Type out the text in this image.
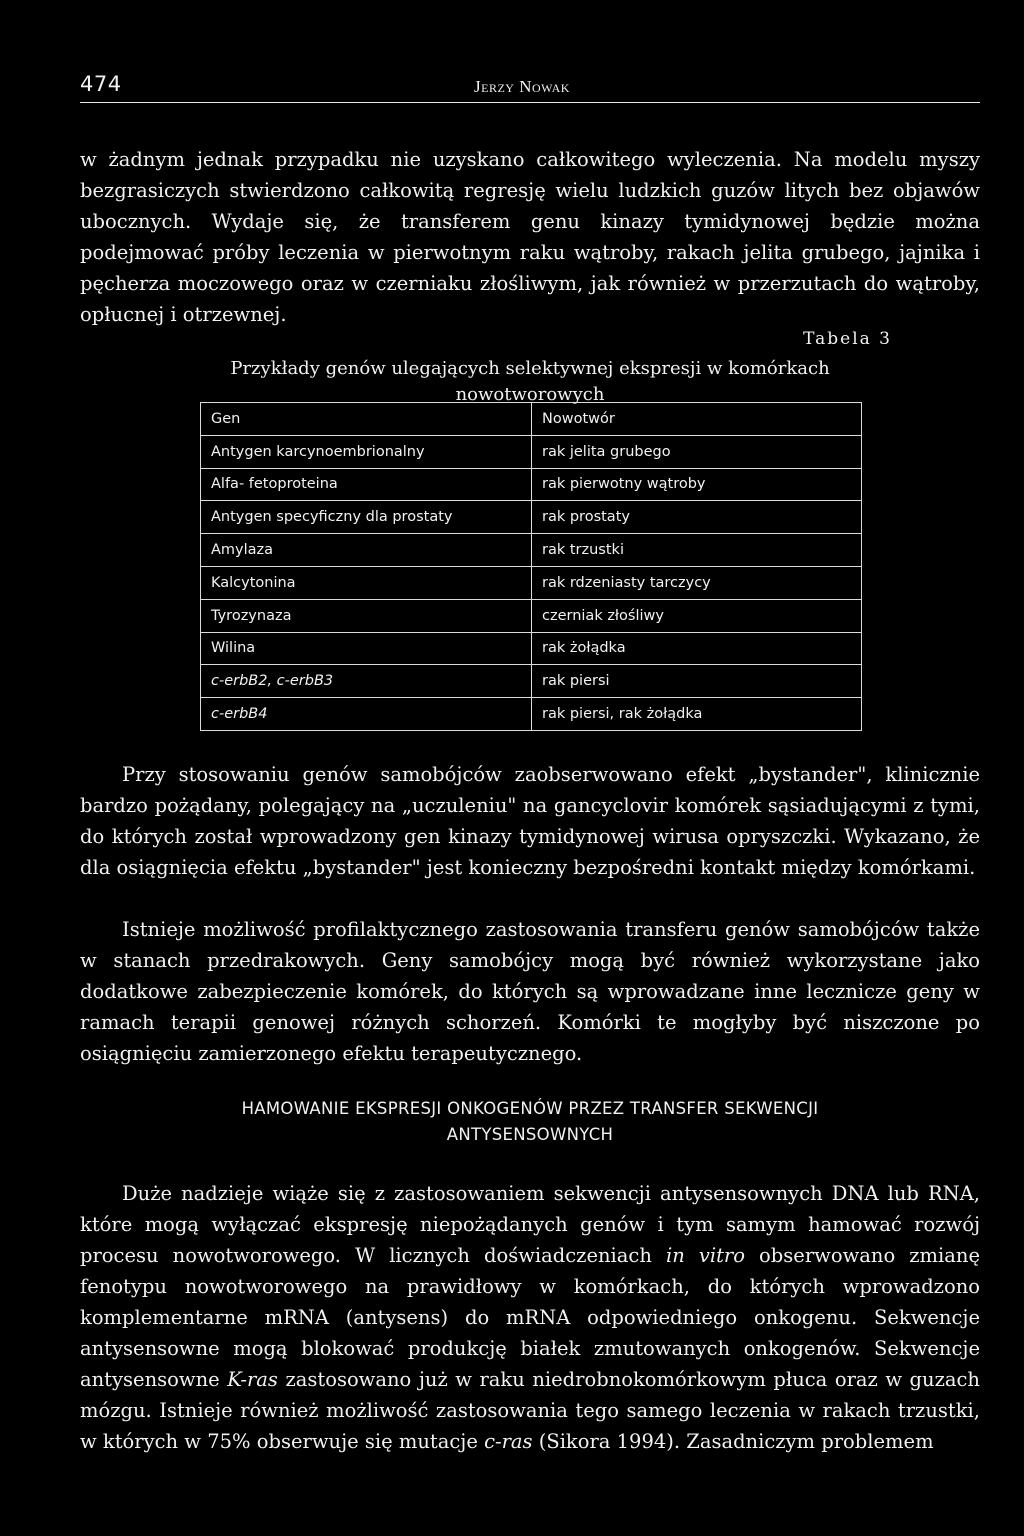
474	Jerzy Nowak

w żadnym jednak przypadku nie uzyskano całkowitego wyleczenia. Na modelu myszy bezgrasiczych stwierdzono całkowitą regresję wielu ludzkich guzów litych bez objawów ubocznych. Wydaje się, że transferem genu kinazy tymidynowej będzie można podejmować próby leczenia w pierwotnym raku wątroby, rakach jelita grubego, jajnika i pęcherza moczowego oraz w czerniaku złośliwym, jak również w przerzutach do wątroby, opłucnej i otrzewnej.

Tabela 3
Przykłady genów ulegających selektywnej ekspresji w komórkach
nowotworowych
Gen	Nowotwór
Antygen karcynoembrionalny	rak jelita grubego
Alfa- fetoproteina	rak pierwotny wątroby
Antygen specyficzny dla prostaty	rak prostaty
Amylaza	rak trzustki
Kalcytonina	rak rdzeniasty tarczycy
Tyrozynaza	czerniak złośliwy
Wilina	rak żołądka
c-erbB2, c-erbB3	rak piersi
c-erbB4	rak piersi, rak żołądka

Przy stosowaniu genów samobójców zaobserwowano efekt „bystander", klinicznie bardzo pożądany, polegający na „uczuleniu" na gancyclovir komórek sąsiadującymi z tymi, do których został wprowadzony gen kinazy tymidynowej wirusa opryszczki. Wykazano, że dla osiągnięcia efektu „bystander" jest konieczny bezpośredni kontakt między komórkami.

Istnieje możliwość profilaktycznego zastosowania transferu genów samobójców także w stanach przedrakowych. Geny samobójcy mogą być również wykorzystane jako dodatkowe zabezpieczenie komórek, do których są wprowadzane inne lecznicze geny w ramach terapii genowej różnych schorzeń. Komórki te mogłyby być niszczone po osiągnięciu zamierzonego efektu terapeutycznego.

HAMOWANIE EKSPRESJI ONKOGENÓW PRZEZ TRANSFER SEKWENCJI
ANTYSENSOWNYCH

Duże nadzieje wiąże się z zastosowaniem sekwencji antysensownych DNA lub RNA, które mogą wyłączać ekspresję niepożądanych genów i tym samym hamować rozwój procesu nowotworowego. W licznych doświadczeniach in vitro obserwowano zmianę fenotypu nowotworowego na prawidłowy w komórkach, do których wprowadzono komplementarne mRNA (antysens) do mRNA odpowiedniego onkogenu. Sekwencje antysensowne mogą blokować produkcję białek zmutowanych onkogenów. Sekwencje antysensowne K-ras zastosowano już w raku niedrobnokomórkowym płuca oraz w guzach mózgu. Istnieje również możliwość zastosowania tego samego leczenia w rakach trzustki, w których w 75% obserwuje się mutacje c-ras (Sikora 1994). Zasadniczym problemem
